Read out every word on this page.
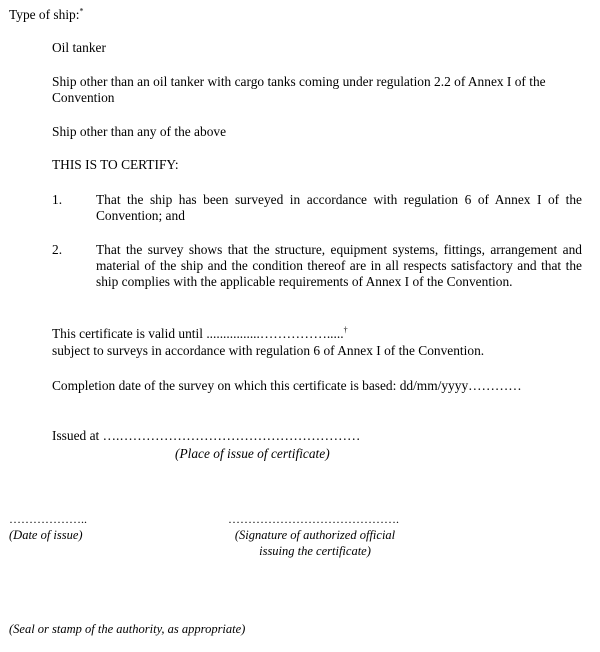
Type of ship:*
Oil tanker
Ship other than an oil tanker with cargo tanks coming under regulation 2.2 of Annex I of the Convention
Ship other than any of the above
THIS IS TO CERTIFY:
1.	That the ship has been surveyed in accordance with regulation 6 of Annex I of the Convention; and
2.	That the survey shows that the structure, equipment systems, fittings, arrangement and material of the ship and the condition thereof are in all respects satisfactory and that the ship complies with the applicable requirements of Annex I of the Convention.
This certificate is valid until ................…………….....†
subject to surveys in accordance with regulation 6 of Annex I of the Convention.
Completion date of the survey on which this certificate is based: dd/mm/yyyy…………
Issued at ….………………………………………………
(Place of issue of certificate)
………………..
(Date of issue)
…………………………………….
(Signature of authorized official
issuing the certificate)
(Seal or stamp of the authority, as appropriate)
